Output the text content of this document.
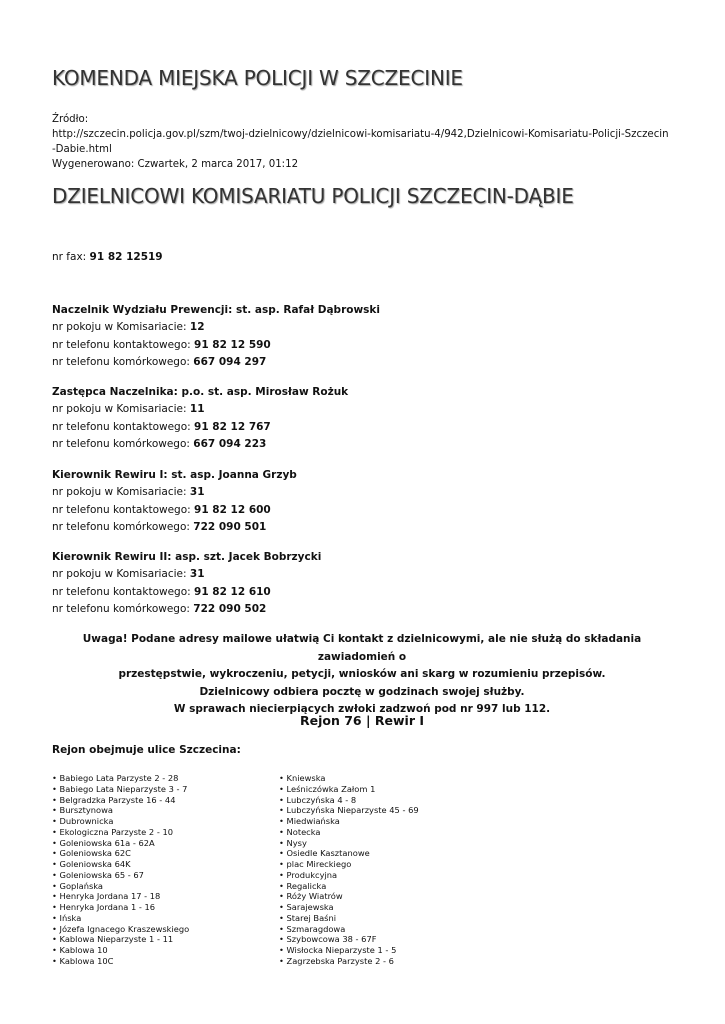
KOMENDA MIEJSKA POLICJI W SZCZECINIE
Źródło:
http://szczecin.policja.gov.pl/szm/twoj-dzielnicowy/dzielnicowi-komisariatu-4/942,Dzielnicowi-Komisariatu-Policji-Szczecin-Dabie.html
Wygenerowano: Czwartek, 2 marca 2017, 01:12
DZIELNICOWI KOMISARIATU POLICJI SZCZECIN-DĄBIE
nr fax: 91 82 12519
Naczelnik Wydziału Prewencji: st. asp. Rafał Dąbrowski
nr pokoju w Komisariacie: 12
nr telefonu kontaktowego: 91 82 12 590
nr telefonu komórkowego: 667 094 297
Zastępca Naczelnika: p.o. st. asp. Mirosław Rożuk
nr pokoju w Komisariacie: 11
nr telefonu kontaktowego: 91 82 12 767
nr telefonu komórkowego: 667 094 223
Kierownik Rewiru I: st. asp. Joanna Grzyb
nr pokoju w Komisariacie: 31
nr telefonu kontaktowego: 91 82 12 600
nr telefonu komórkowego: 722 090 501
Kierownik Rewiru II: asp. szt. Jacek Bobrzycki
nr pokoju w Komisariacie: 31
nr telefonu kontaktowego: 91 82 12 610
nr telefonu komórkowego: 722 090 502
Uwaga! Podane adresy mailowe ułatwią Ci kontakt z dzielnicowymi, ale nie służą do składania zawiadomień o
przestępstwie, wykroczeniu, petycji, wniosków ani skarg w rozumieniu przepisów.
Dzielnicowy odbiera pocztę w godzinach swojej służby.
W sprawach niecierpiących zwłoki zadzwoń pod nr 997 lub 112.
Rejon 76 | Rewir I
Rejon obejmuje ulice Szczecina:
• Babiego Lata Parzyste 2 - 28
• Babiego Lata Nieparzyste 3 - 7
• Belgradzka Parzyste 16 - 44
• Bursztynowa
• Dubrownicka
• Ekologiczna Parzyste 2 - 10
• Goleniowska 61a - 62A
• Goleniowska 62C
• Goleniowska 64K
• Goleniowska 65 - 67
• Goplańska
• Henryka Jordana 17 - 18
• Henryka Jordana 1 - 16
• Ińska
• Józefa Ignacego Kraszewskiego
• Kablowa Nieparzyste 1 - 11
• Kablowa 10
• Kablowa 10C
• Kniewska
• Leśniczówka Załom 1
• Lubczyńska 4 - 8
• Lubczyńska Nieparzyste 45 - 69
• Miedwiańska
• Notecka
• Nysy
• Osiedle Kasztanowe
• plac Mireckiego
• Produkcyjna
• Regalicka
• Róży Wiatrów
• Sarajewska
• Starej Baśni
• Szmaragdowa
• Szybowcowa 38 - 67F
• Wisłocka Nieparzyste 1 - 5
• Zagrzebska Parzyste 2 - 6
